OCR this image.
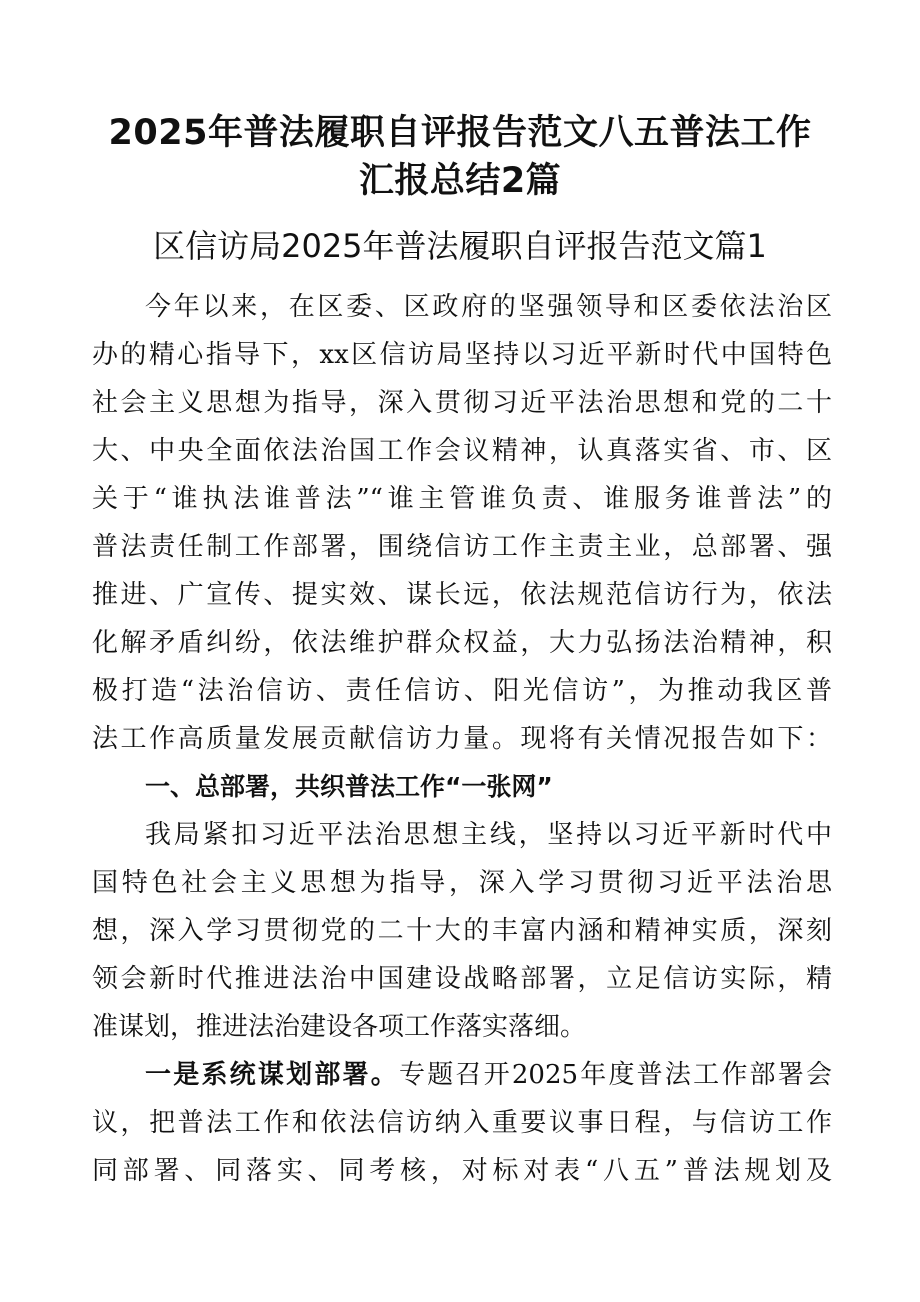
2025年普法履职自评报告范文八五普法工作
汇报总结2篇
区信访局2025年普法履职自评报告范文篇1
今年以来，在区委、区政府的坚强领导和区委依法治区
办的精心指导下，xx区信访局坚持以习近平新时代中国特色
社会主义思想为指导，深入贯彻习近平法治思想和党的二十
大、中央全面依法治国工作会议精神，认真落实省、市、区
关于“谁执法谁普法”“谁主管谁负责、谁服务谁普法”的
普法责任制工作部署，围绕信访工作主责主业，总部署、强
推进、广宣传、提实效、谋长远，依法规范信访行为，依法
化解矛盾纠纷，依法维护群众权益，大力弘扬法治精神，积
极打造“法治信访、责任信访、阳光信访”，为推动我区普
法工作高质量发展贡献信访力量。现将有关情况报告如下：
一、总部署，共织普法工作“一张网”
我局紧扣习近平法治思想主线，坚持以习近平新时代中
国特色社会主义思想为指导，深入学习贯彻习近平法治思
想，深入学习贯彻党的二十大的丰富内涵和精神实质，深刻
领会新时代推进法治中国建设战略部署，立足信访实际，精
准谋划，推进法治建设各项工作落实落细。
一是系统谋划部署。专题召开2025年度普法工作部署会
议，把普法工作和依法信访纳入重要议事日程，与信访工作
同部署、同落实、同考核，对标对表“八五”普法规划及
